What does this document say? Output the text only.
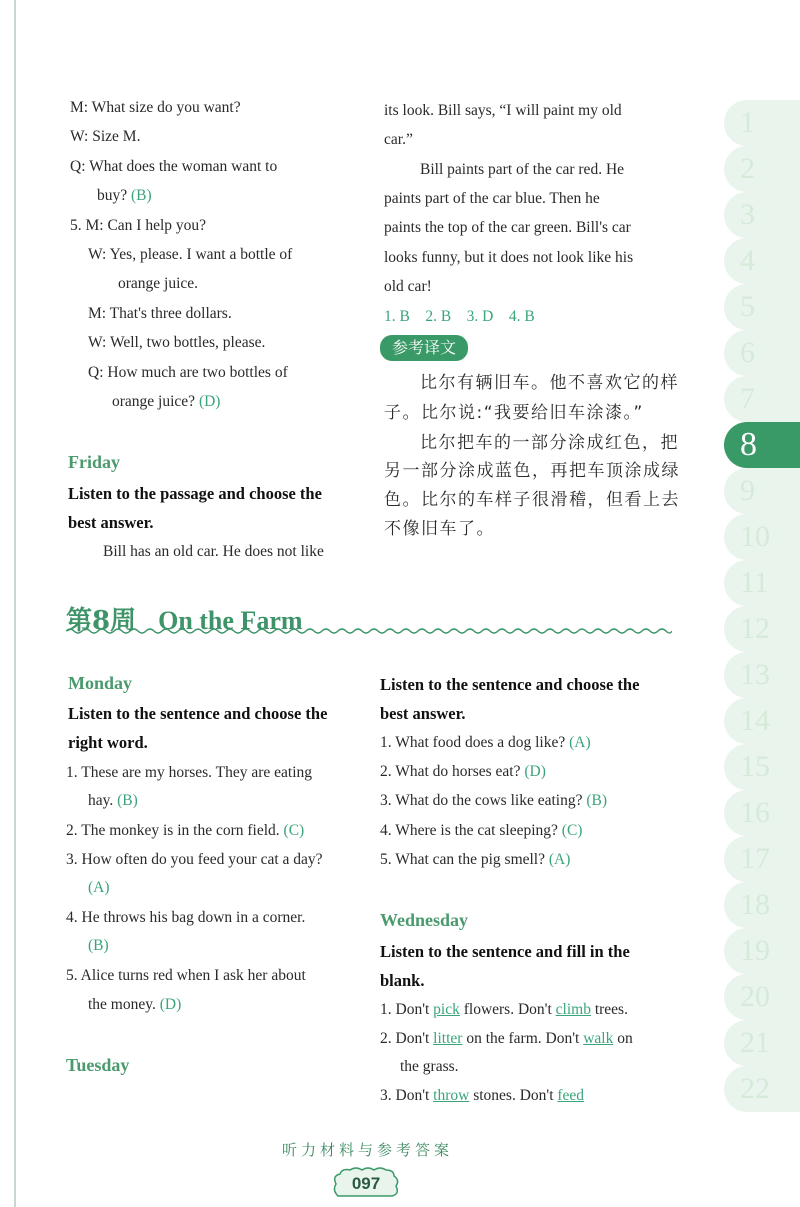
M: What size do you want?
W: Size M.
Q: What does the woman want to
buy? (B)
5. M: Can I help you?
W: Yes, please. I want a bottle of
orange juice.
M: That's three dollars.
W: Well, two bottles, please.
Q: How much are two bottles of
orange juice? (D)
Friday
Listen to the passage and choose the
best answer.
Bill has an old car. He does not like
its look. Bill says, “I will paint my old
car.”
Bill paints part of the car red. He
paints part of the car blue. Then he
paints the top of the car green. Bill's car
looks funny, but it does not look like his
old car!
1. B    2. B    3. D    4. B
参考译文
比尔有辆旧车。他不喜欢它的样
子。比尔说:“我要给旧车涂漆。”
比尔把车的一部分涂成红色，把
另一部分涂成蓝色，再把车顶涂成绿
色。比尔的车样子很滑稽，但看上去
不像旧车了。
第8周 On the Farm
Monday
Listen to the sentence and choose the
right word.
1. These are my horses. They are eating
hay. (B)
2. The monkey is in the corn field. (C)
3. How often do you feed your cat a day?
(A)
4. He throws his bag down in a corner.
(B)
5. Alice turns red when I ask her about
the money. (D)
Tuesday
Listen to the sentence and choose the
best answer.
1. What food does a dog like? (A)
2. What do horses eat? (D)
3. What do the cows like eating? (B)
4. Where is the cat sleeping? (C)
5. What can the pig smell? (A)
Wednesday
Listen to the sentence and fill in the
blank.
1. Don't pick flowers. Don't climb trees.
2. Don't litter on the farm. Don't walk on
the grass.
3. Don't throw stones. Don't feed
1
2
3
4
5
6
7
8
9
10
11
12
13
14
15
16
17
18
19
20
21
22
听力材料与参考答案
097
